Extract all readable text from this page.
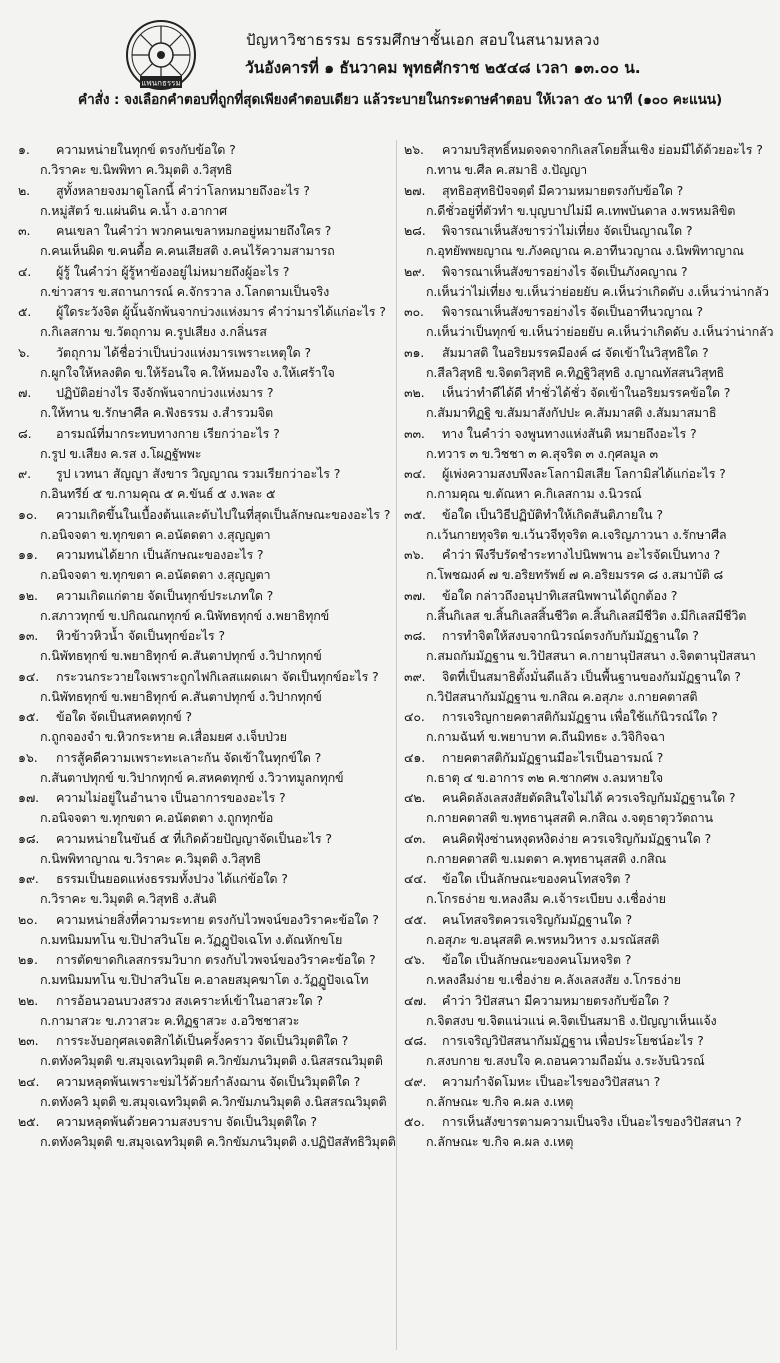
แพนกธรรม
ปัญหาวิชาธรรม ธรรมศึกษาชั้นเอก สอบในสนามหลวง
วันอังคารที่ ๑ ธันวาคม พุทธศักราช ๒๕๔๘ เวลา ๑๓.๐๐ น.
คำสั่ง : จงเลือกคำตอบที่ถูกที่สุดเพียงคำตอบเดียว แล้วระบายในกระดาษคำตอบ ให้เวลา ๕๐ นาที (๑๐๐ คะแนน)
๑. ความหน่ายในทุกข์ ตรงกับข้อใด ?
ก.วิราคะ ข.นิพพิทา ค.วิมุตติ ง.วิสุทธิ
๒. สูทั้งหลายจงมาดูโลกนี้ คำว่าโลกหมายถึงอะไร ?
ก.หมู่สัตว์ ข.แผ่นดิน ค.น้ำ ง.อากาศ
๓. คนเขลา ในคำว่า พวกคนเขลาหมกอยู่หมายถึงใคร ?
ก.คนเห็นผิด ข.คนดื้อ ค.คนเสียสติ ง.คนไร้ความสามารถ
๔. ผู้รู้ ในคำว่า ผู้รู้หาข้องอยู่ไม่หมายถึงผู้อะไร ?
ก.ข่าวสาร ข.สถานการณ์ ค.จักรวาล ง.โลกตามเป็นจริง
๕. ผู้ใดระวังจิต ผู้นั้นจักพ้นจากบ่วงแห่งมาร คำว่ามารได้แก่อะไร ?
ก.กิเลสกาม ข.วัตถุกาม ค.รูปเสียง ง.กลิ่นรส
๖. วัตถุกาม ได้ชื่อว่าเป็นบ่วงแห่งมารเพราะเหตุใด ?
ก.ผูกใจให้หลงติด ข.ให้ร้อนใจ ค.ให้หมองใจ ง.ให้เศร้าใจ
๗. ปฏิบัติอย่างไร จึงจักพ้นจากบ่วงแห่งมาร ?
ก.ให้ทาน ข.รักษาศีล ค.ฟังธรรม ง.สำรวมจิต
๘. อารมณ์ที่มากระทบทางกาย เรียกว่าอะไร ?
ก.รูป ข.เสียง ค.รส ง.โผฏฐัพพะ
๙. รูป เวทนา สัญญา สังขาร วิญญาณ รวมเรียกว่าอะไร ?
ก.อินทรีย์ ๕ ข.กามคุณ ๕ ค.ขันธ์ ๕ ง.พละ ๕
๑๐. ความเกิดขึ้นในเบื้องต้นและดับไปในที่สุดเป็นลักษณะของอะไร ?
ก.อนิจจตา ข.ทุกขตา ค.อนัตตตา ง.สุญญตา
๑๑. ความทนได้ยาก เป็นลักษณะของอะไร ?
ก.อนิจจตา ข.ทุกขตา ค.อนัตตตา ง.สุญญตา
๑๒. ความเกิดแก่ตาย จัดเป็นทุกข์ประเภทใด ?
ก.สภาวทุกข์ ข.ปกิณณกทุกข์ ค.นิพัทธทุกข์ ง.พยาธิทุกข์
๑๓. หิวข้าวหิวน้ำ จัดเป็นทุกข์อะไร ?
ก.นิพัทธทุกข์ ข.พยาธิทุกข์ ค.สันตาปทุกข์ ง.วิปากทุกข์
๑๔. กระวนกระวายใจเพราะถูกไฟกิเลสแผดเผา จัดเป็นทุกข์อะไร ?
ก.นิพัทธทุกข์ ข.พยาธิทุกข์ ค.สันตาปทุกข์ ง.วิปากทุกข์
๑๕. ข้อใด จัดเป็นสหคตทุกข์ ?
ก.ถูกจองจำ ข.หิวกระหาย ค.เสื่อมยศ ง.เจ็บป่วย
๑๖. การสู้คดีความเพราะทะเลาะกัน จัดเข้าในทุกข์ใด ?
ก.สันตาปทุกข์ ข.วิปากทุกข์ ค.สหคตทุกข์ ง.วิวาทมูลกทุกข์
๑๗. ความไม่อยู่ในอำนาจ เป็นอาการของอะไร ?
ก.อนิจจตา ข.ทุกขตา ค.อนัตตตา ง.ถูกทุกข้อ
๑๘. ความหน่ายในขันธ์ ๕ ที่เกิดด้วยปัญญาจัดเป็นอะไร ?
ก.นิพพิทาญาณ ข.วิราคะ ค.วิมุตติ ง.วิสุทธิ
๑๙. ธรรมเป็นยอดแห่งธรรมทั้งปวง ได้แก่ข้อใด ?
ก.วิราคะ ข.วิมุตติ ค.วิสุทธิ ง.สันติ
๒๐. ความหน่ายสิ่งที่ความระทาย ตรงกับไวพจน์ของวิราคะข้อใด ?
ก.มทนิมมทโน ข.ปิปาสวินโย ค.วัฏฏูปัจเฉโท ง.ตัณหักขโย
๒๑. การตัดขาดกิเลสกรรมวิบาก ตรงกับไวพจน์ของวิราคะข้อใด ?
ก.มทนิมมทโน ข.ปิปาสวินโย ค.อาลยสมุคฆาโต ง.วัฏฏูปัจเฉโท
๒๒. การอ้อนวอนบวงสรวง สงเคราะห์เข้าในอาสวะใด ?
ก.กามาสวะ ข.ภวาสวะ ค.ทิฏฐาสวะ ง.อวิชชาสวะ
๒๓. การระงับอกุศลเจตสิกได้เป็นครั้งคราว จัดเป็นวิมุตติใด ?
ก.ตทังควิมุตติ ข.สมุจเฉทวิมุตติ ค.วิกขัมภนวิมุตติ ง.นิสสรณวิมุตติ
๒๔. ความหลุดพ้นเพราะข่มไว้ด้วยกำลังฌาน จัดเป็นวิมุตติใด ?
ก.ตทังควิ มุตติ ข.สมุจเฉทวิมุตติ ค.วิกขัมภนวิมุตติ ง.นิสสรณวิมุตติ
๒๕. ความหลุดพ้นด้วยความสงบราบ จัดเป็นวิมุตติใด ?
ก.ตทังควิมุตติ ข.สมุจเฉทวิมุตติ ค.วิกขัมภนวิมุตติ ง.ปฏิปัสสัทธิวิมุตติ
๒๖. ความบริสุทธิ์หมดจดจากกิเลสโดยสิ้นเชิง ย่อมมีได้ด้วยอะไร ?
ก.ทาน ข.ศีล ค.สมาธิ ง.ปัญญา
๒๗. สุทธิอสุทธิปัจจตฺตํ มีความหมายตรงกับข้อใด ?
ก.ดีชั่วอยู่ที่ตัวทำ ข.บุญบาปไม่มี ค.เทพบันดาล ง.พรหมลิขิต
๒๘. พิจารณาเห็นสังขารว่าไม่เที่ยง จัดเป็นญาณใด ?
ก.อุทยัพพยญาณ ข.ภังคญาณ ค.อาทีนวญาณ ง.นิพพิทาญาณ
๒๙. พิจารณาเห็นสังขารอย่างไร จัดเป็นภังคญาณ ?
ก.เห็นว่าไม่เที่ยง ข.เห็นว่าย่อยยับ ค.เห็นว่าเกิดดับ ง.เห็นว่าน่ากลัว
๓๐. พิจารณาเห็นสังขารอย่างไร จัดเป็นอาทีนวญาณ ?
ก.เห็นว่าเป็นทุกข์ ข.เห็นว่าย่อยยับ ค.เห็นว่าเกิดดับ ง.เห็นว่าน่ากลัว
๓๑. สัมมาสติ ในอริยมรรคมีองค์ ๘ จัดเข้าในวิสุทธิใด ?
ก.สีลวิสุทธิ ข.จิตตวิสุทธิ ค.ทิฏฐิวิสุทธิ ง.ญาณทัสสนวิสุทธิ
๓๒. เห็นว่าทำดีได้ดี ทำชั่วได้ชั่ว จัดเข้าในอริยมรรคข้อใด ?
ก.สัมมาทิฏฐิ ข.สัมมาสังกัปปะ ค.สัมมาสติ ง.สัมมาสมาธิ
๓๓. ทาง ในคำว่า จงพูนทางแห่งสันติ หมายถึงอะไร ?
ก.ทวาร ๓ ข.วิชชา ๓ ค.สุจริต ๓ ง.กุศลมูล ๓
๓๔. ผู้เพ่งความสงบพึงละโลกามิสเสีย โลกามิสได้แก่อะไร ?
ก.กามคุณ ข.ตัณหา ค.กิเลสกาม ง.นิวรณ์
๓๕. ข้อใด เป็นวิธีปฏิบัติทำให้เกิดสันติภายใน ?
ก.เว้นกายทุจริต ข.เว้นวจีทุจริต ค.เจริญภาวนา ง.รักษาศีล
๓๖. คำว่า พึงรีบรัดชำระทางไปนิพพาน อะไรจัดเป็นทาง ?
ก.โพชฌงค์ ๗ ข.อริยทรัพย์ ๗ ค.อริยมรรค ๘ ง.สมาบัติ ๘
๓๗. ข้อใด กล่าวถึงอนุปาทิเสสนิพพานได้ถูกต้อง ?
ก.สิ้นกิเลส ข.สิ้นกิเลสสิ้นชีวิต ค.สิ้นกิเลสมีชีวิต ง.มีกิเลสมีชีวิต
๓๘. การทำจิตให้สงบจากนิวรณ์ตรงกับกัมมัฏฐานใด ?
ก.สมถกัมมัฏฐาน ข.วิปัสสนา ค.กายานุปัสสนา ง.จิตตานุปัสสนา
๓๙. จิตที่เป็นสมาธิตั้งมั่นดีแล้ว เป็นพื้นฐานของกัมมัฏฐานใด ?
ก.วิปัสสนากัมมัฏฐาน ข.กสิณ ค.อสุภะ ง.กายคตาสติ
๔๐. การเจริญกายคตาสติกัมมัฏฐาน เพื่อใช้แก้นิวรณ์ใด ?
ก.กามฉันท์ ข.พยาบาท ค.ถีนมิทธะ ง.วิจิกิจฉา
๔๑. กายคตาสติกัมมัฏฐานมีอะไรเป็นอารมณ์ ?
ก.ธาตุ ๔ ข.อาการ ๓๒ ค.ซากศพ ง.ลมหายใจ
๔๒. คนคิดลังเลสงสัยตัดสินใจไม่ได้ ควรเจริญกัมมัฏฐานใด ?
ก.กายคตาสติ ข.พุทธานุสสติ ค.กสิณ ง.จตุธาตุววัตถาน
๔๓. คนคิดฟุ้งซ่านหงุดหงิดง่าย ควรเจริญกัมมัฏฐานใด ?
ก.กายคตาสติ ข.เมตตา ค.พุทธานุสสติ ง.กสิณ
๔๔. ข้อใด เป็นลักษณะของคนโทสจริต ?
ก.โกรธง่าย ข.หลงลืม ค.เจ้าระเบียบ ง.เชื่อง่าย
๔๕. คนโทสจริตควรเจริญกัมมัฏฐานใด ?
ก.อสุภะ ข.อนุสสติ ค.พรหมวิหาร ง.มรณัสสติ
๔๖. ข้อใด เป็นลักษณะของคนโมหจริต ?
ก.หลงลืมง่าย ข.เชื่อง่าย ค.ลังเลสงสัย ง.โกรธง่าย
๔๗. คำว่า วิปัสสนา มีความหมายตรงกับข้อใด ?
ก.จิตสงบ ข.จิตแน่วแน่ ค.จิตเป็นสมาธิ ง.ปัญญาเห็นแจ้ง
๔๘. การเจริญวิปัสสนากัมมัฏฐาน เพื่อประโยชน์อะไร ?
ก.สงบกาย ข.สงบใจ ค.ถอนความถือมั่น ง.ระงับนิวรณ์
๔๙. ความกำจัดโมหะ เป็นอะไรของวิปัสสนา ?
ก.ลักษณะ ข.กิจ ค.ผล ง.เหตุ
๕๐. การเห็นสังขารตามความเป็นจริง เป็นอะไรของวิปัสสนา ?
ก.ลักษณะ ข.กิจ ค.ผล ง.เหตุ
